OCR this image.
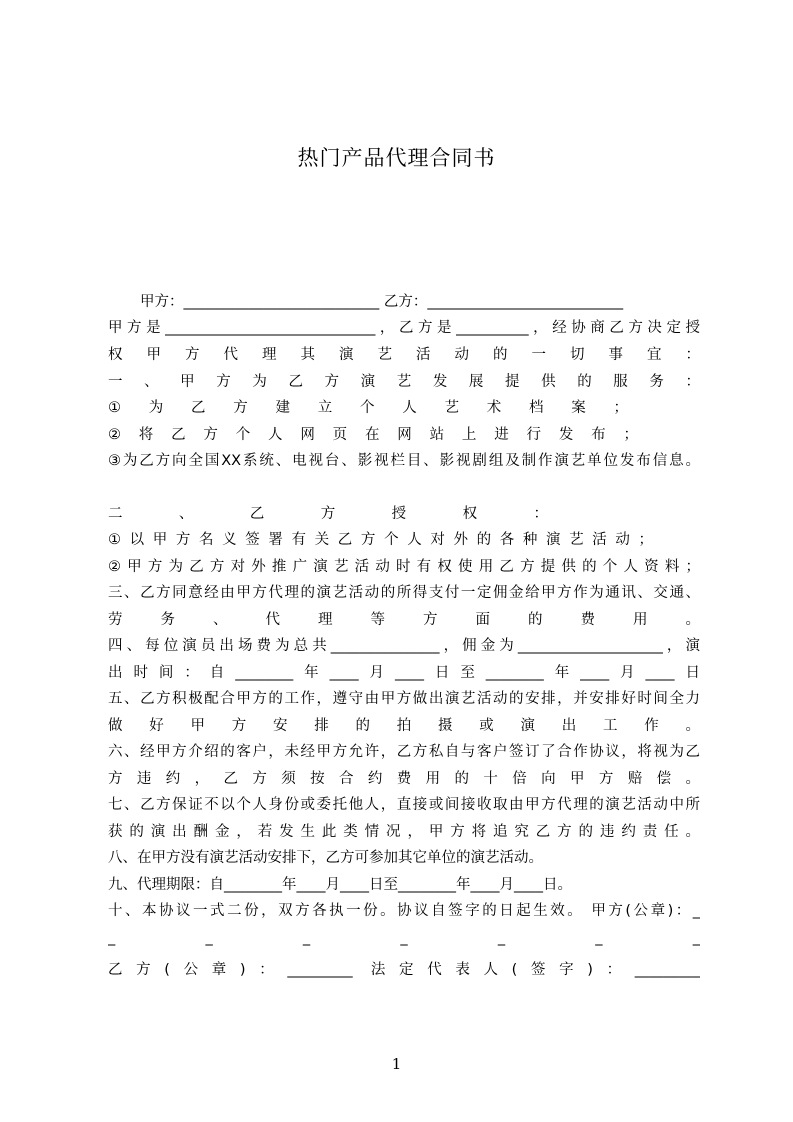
热门产品代理合同书
甲方：___________________________ 乙方：___________________________
甲方是_____________________________，乙方是__________，经协商乙方决定授
权 甲 方 代 理 其 演 艺 活 动 的 一 切 事 宜 ：
一 、 甲 方 为 乙 方 演 艺 发 展 提 供 的 服 务 ：
① 为 乙 方 建 立 个 人 艺 术 档 案 ；
② 将 乙 方 个 人 网 页 在 网 站 上 进 行 发 布 ；
③为乙方向全国XX系统、电视台、影视栏目、影视剧组及制作演艺单位发布信息。
二 、 乙 方 授 权 ：
①以甲方名义签署有关乙方个人对外的各种演艺活动；
②甲方为乙方对外推广演艺活动时有权使用乙方提供的个人资料；
三、乙方同意经由甲方代理的演艺活动的所得支付一定佣金给甲方作为通讯、交通、
劳 务 、 代 理 等 方 面 的 费 用 。
四、每位演员出场费为总共_______________，佣金为____________________，演
出时间：自________年____月____日至________年____月____日
五、乙方积极配合甲方的工作，遵守由甲方做出演艺活动的安排，并安排好时间全力
做 好 甲 方 安 排 的 拍 摄 或 演 出 工 作 。
六、经甲方介绍的客户，未经甲方允许，乙方私自与客户签订了合作协议，将视为乙
方 违 约 ， 乙 方 须 按 合 约 费 用 的 十 倍 向 甲 方 赔 偿 。
七、乙方保证不以个人身份或委托他人，直接或间接收取由甲方代理的演艺活动中所
获的演出酬金，若发生此类情况，甲方将追究乙方的违约责任。
八、在甲方没有演艺活动安排下，乙方可参加其它单位的演艺活动。
九、代理期限：自________年____月____日至________年____月____日。
十、本协议一式二份，双方各执一份。协议自签字的日起生效。 甲方(公章)：_
_ _ _ _ _ _ _
乙方(公章)：_________ 法定代表人(签字)：_________
1
